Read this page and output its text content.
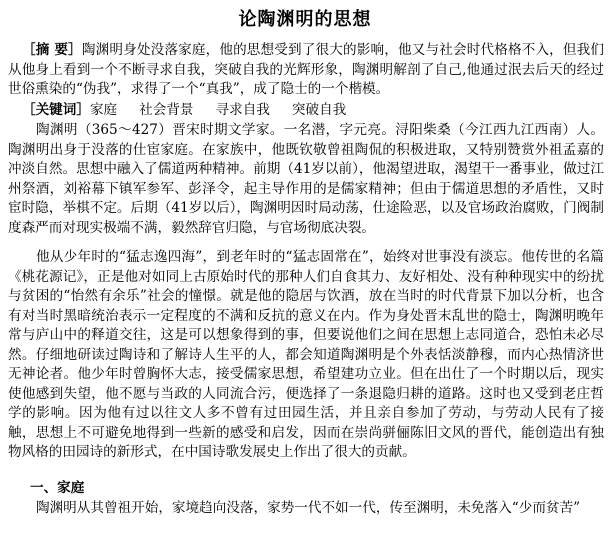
论陶渊明的思想
［摘 要］陶渊明身处没落家庭，他的思想受到了很大的影响，他又与社会时代格格不入，但我们从他身上看到一个不断寻求自我，突破自我的光辉形象，陶渊明解剖了自己,他通过泯去后天的经过世俗熏染的“伪我”，求得了一个“真我”，成了隐士的一个楷模。
［关键词］家庭 社会背景 寻求自我 突破自我
陶渊明（365～427）晋宋时期文学家。一名潜，字元亮。浔阳柴桑（今江西九江西南）人。陶渊明出身于没落的仕宦家庭。在家族中，他既钦敬曾祖陶侃的积极进取，又特别赞赏外祖孟嘉的冲淡自然。思想中融入了儒道两种精神。前期（41岁以前），他渴望进取，渴望干一番事业，做过江州祭酒，刘裕幕下镇军参军、彭泽令，起主导作用的是儒家精神；但由于儒道思想的矛盾性，又时宦时隐，举棋不定。后期（41岁以后），陶渊明因时局动荡，仕途险恶，以及官场政治腐败，门阀制度森严而对现实极端不满，毅然辞官归隐，与官场彻底决裂。
他从少年时的“猛志逸四海”，到老年时的“猛志固常在”，始终对世事没有淡忘。他传世的名篇《桃花源记》，正是他对如同上古原始时代的那种人们自食其力、友好相处、没有种种现实中的纷扰与贫困的“怡然有余乐”社会的憧憬。就是他的隐居与饮酒，放在当时的时代背景下加以分析，也含有对当时黑暗统治表示一定程度的不满和反抗的意义在内。作为身处晋末乱世的隐士，陶渊明晚年常与庐山中的释道交往，这是可以想象得到的事，但要说他们之间在思想上志同道合，恐怕未必尽然。仔细地研读过陶诗和了解诗人生平的人，都会知道陶渊明是个外表恬淡静穆，而内心热情济世无神论者。他少年时曾胸怀大志，接受儒家思想，希望建功立业。但在出仕了一个时期以后，现实使他感到失望，他不愿与当政的人同流合污，便选择了一条退隐归耕的道路。这时也又受到老庄哲学的影响。因为他有过以往文人多不曾有过田园生活，并且亲自参加了劳动，与劳动人民有了接触，思想上不可避免地得到一些新的感受和启发，因而在崇尚骈俪陈旧文风的晋代，能创造出有独物风格的田园诗的新形式，在中国诗歌发展史上作出了很大的贡献。
一、家庭
陶渊明从其曾祖开始，家境趋向没落，家势一代不如一代，传至渊明，未免落入“少而贫苦”
